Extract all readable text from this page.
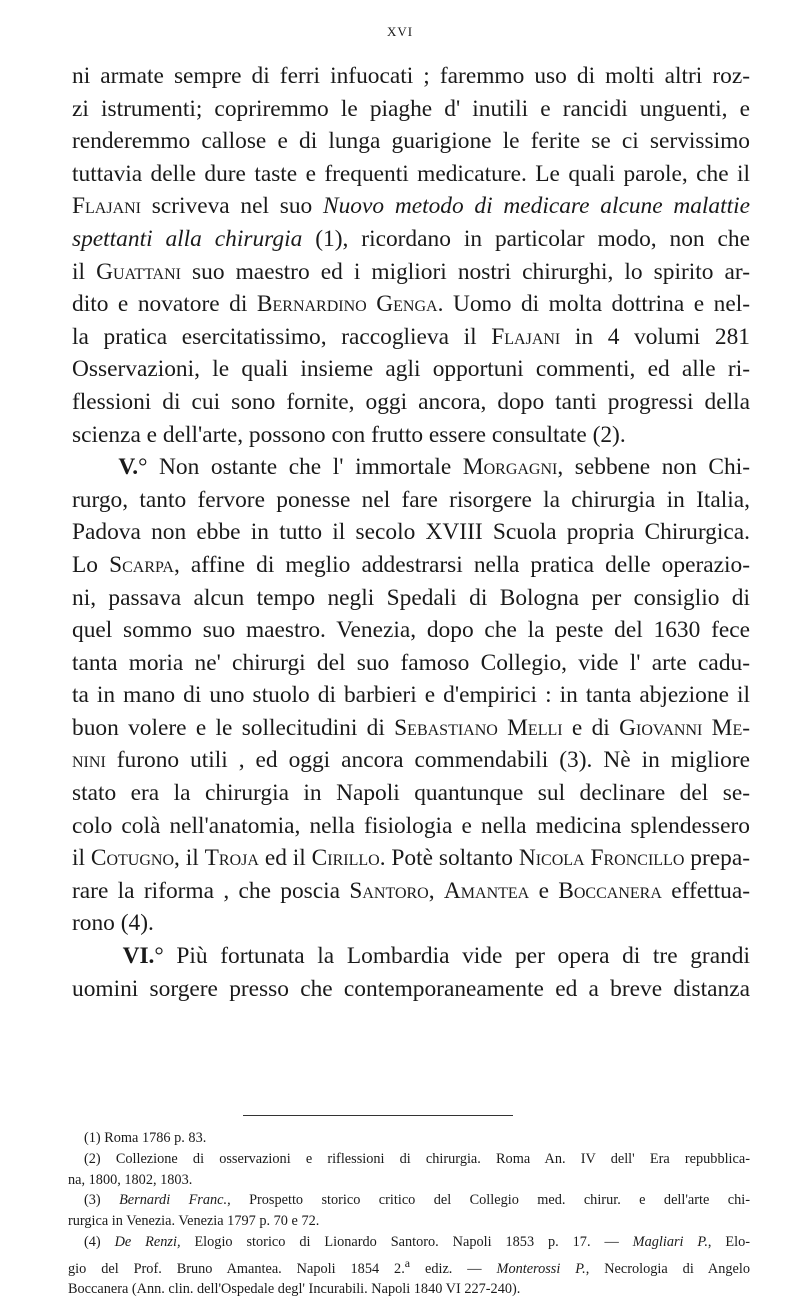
XVI
ni armate sempre di ferri infuocati ; faremmo uso di molti altri roz-
zi istrumenti; copriremmo le piaghe d' inutili e rancidi unguenti, e
renderemmo callose e di lunga guarigione le ferite se ci servissimo
tuttavia delle dure taste e frequenti medicature. Le quali parole, che il
Flajani scriveva nel suo Nuovo metodo di medicare alcune malattie
spettanti alla chirurgia (1), ricordano in particolar modo, non che
il Guattani suo maestro ed i migliori nostri chirurghi, lo spirito ar-
dito e novatore di Bernardino Genga. Uomo di molta dottrina e nel-
la pratica esercitatissimo, raccoglieva il Flajani in 4 volumi 281
Osservazioni, le quali insieme agli opportuni commenti, ed alle ri-
flessioni di cui sono fornite, oggi ancora, dopo tanti progressi della
scienza e dell'arte, possono con frutto essere consultate (2).
V.° Non ostante che l' immortale Morgagni, sebbene non Chi-
rurgo, tanto fervore ponesse nel fare risorgere la chirurgia in Italia,
Padova non ebbe in tutto il secolo XVIII Scuola propria Chirurgica.
Lo Scarpa, affine di meglio addestrarsi nella pratica delle operazio-
ni, passava alcun tempo negli Spedali di Bologna per consiglio di
quel sommo suo maestro. Venezia, dopo che la peste del 1630 fece
tanta moria ne' chirurgi del suo famoso Collegio, vide l' arte cadu-
ta in mano di uno stuolo di barbieri e d'empirici : in tanta abjezione il
buon volere e le sollecitudini di Sebastiano Melli e di Giovanni Me-
nini furono utili , ed oggi ancora commendabili (3). Nè in migliore
stato era la chirurgia in Napoli quantunque sul declinare del se-
colo colà nell'anatomia, nella fisiologia e nella medicina splendessero
il Cotugno, il Troja ed il Cirillo. Potè soltanto Nicola Froncillo prepa-
rare la riforma , che poscia Santoro, Amantea e Boccanera effettua-
rono (4).
VI.° Più fortunata la Lombardia vide per opera di tre grandi
uomini sorgere presso che contemporaneamente ed a breve distanza
(1) Roma 1786 p. 83.
(2) Collezione di osservazioni e riflessioni di chirurgia. Roma An. IV dell' Era repubblica-
na, 1800, 1802, 1803.
(3) Bernardi Franc., Prospetto storico critico del Collegio med. chirur. e dell'arte chi-
rurgica in Venezia. Venezia 1797 p. 70 e 72.
(4) De Renzi, Elogio storico di Lionardo Santoro. Napoli 1853 p. 17. — Magliari P., Elo-
gio del Prof. Bruno Amantea. Napoli 1854 2.$^a$ ediz. — Monterossi P., Necrologia di Angelo
Boccanera (Ann. clin. dell'Ospedale degl' Incurabili. Napoli 1840 VI 227-240).
